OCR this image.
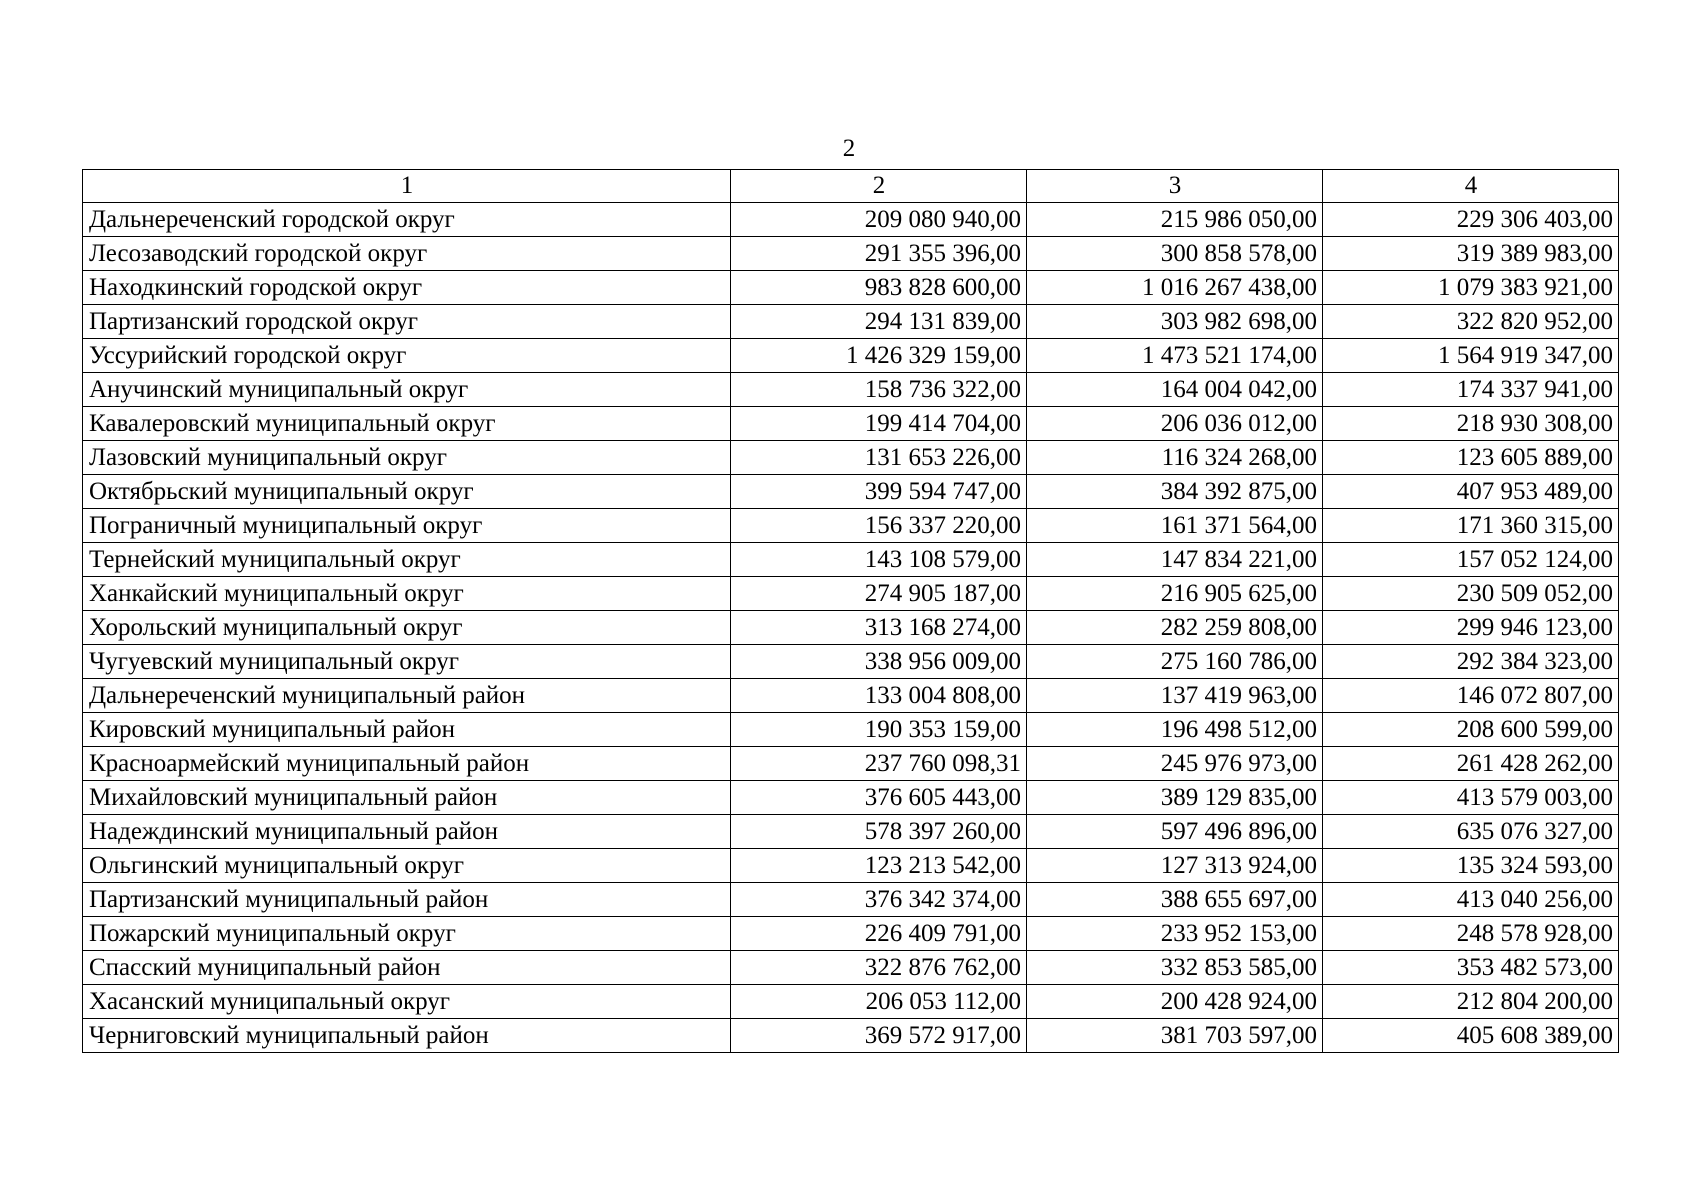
2
1	2	3	4
Дальнереченский городской округ	209 080 940,00	215 986 050,00	229 306 403,00
Лесозаводский городской округ	291 355 396,00	300 858 578,00	319 389 983,00
Находкинский городской округ	983 828 600,00	1 016 267 438,00	1 079 383 921,00
Партизанский городской округ	294 131 839,00	303 982 698,00	322 820 952,00
Уссурийский городской округ	1 426 329 159,00	1 473 521 174,00	1 564 919 347,00
Анучинский муниципальный округ	158 736 322,00	164 004 042,00	174 337 941,00
Кавалеровский муниципальный округ	199 414 704,00	206 036 012,00	218 930 308,00
Лазовский муниципальный округ	131 653 226,00	116 324 268,00	123 605 889,00
Октябрьский муниципальный округ	399 594 747,00	384 392 875,00	407 953 489,00
Пограничный муниципальный округ	156 337 220,00	161 371 564,00	171 360 315,00
Тернейский муниципальный округ	143 108 579,00	147 834 221,00	157 052 124,00
Ханкайский муниципальный округ	274 905 187,00	216 905 625,00	230 509 052,00
Хорольский муниципальный округ	313 168 274,00	282 259 808,00	299 946 123,00
Чугуевский муниципальный округ	338 956 009,00	275 160 786,00	292 384 323,00
Дальнереченский муниципальный район	133 004 808,00	137 419 963,00	146 072 807,00
Кировский муниципальный район	190 353 159,00	196 498 512,00	208 600 599,00
Красноармейский муниципальный район	237 760 098,31	245 976 973,00	261 428 262,00
Михайловский муниципальный район	376 605 443,00	389 129 835,00	413 579 003,00
Надеждинский муниципальный район	578 397 260,00	597 496 896,00	635 076 327,00
Ольгинский муниципальный округ	123 213 542,00	127 313 924,00	135 324 593,00
Партизанский муниципальный район	376 342 374,00	388 655 697,00	413 040 256,00
Пожарский муниципальный округ	226 409 791,00	233 952 153,00	248 578 928,00
Спасский муниципальный район	322 876 762,00	332 853 585,00	353 482 573,00
Хасанский муниципальный округ	206 053 112,00	200 428 924,00	212 804 200,00
Черниговский муниципальный район	369 572 917,00	381 703 597,00	405 608 389,00
